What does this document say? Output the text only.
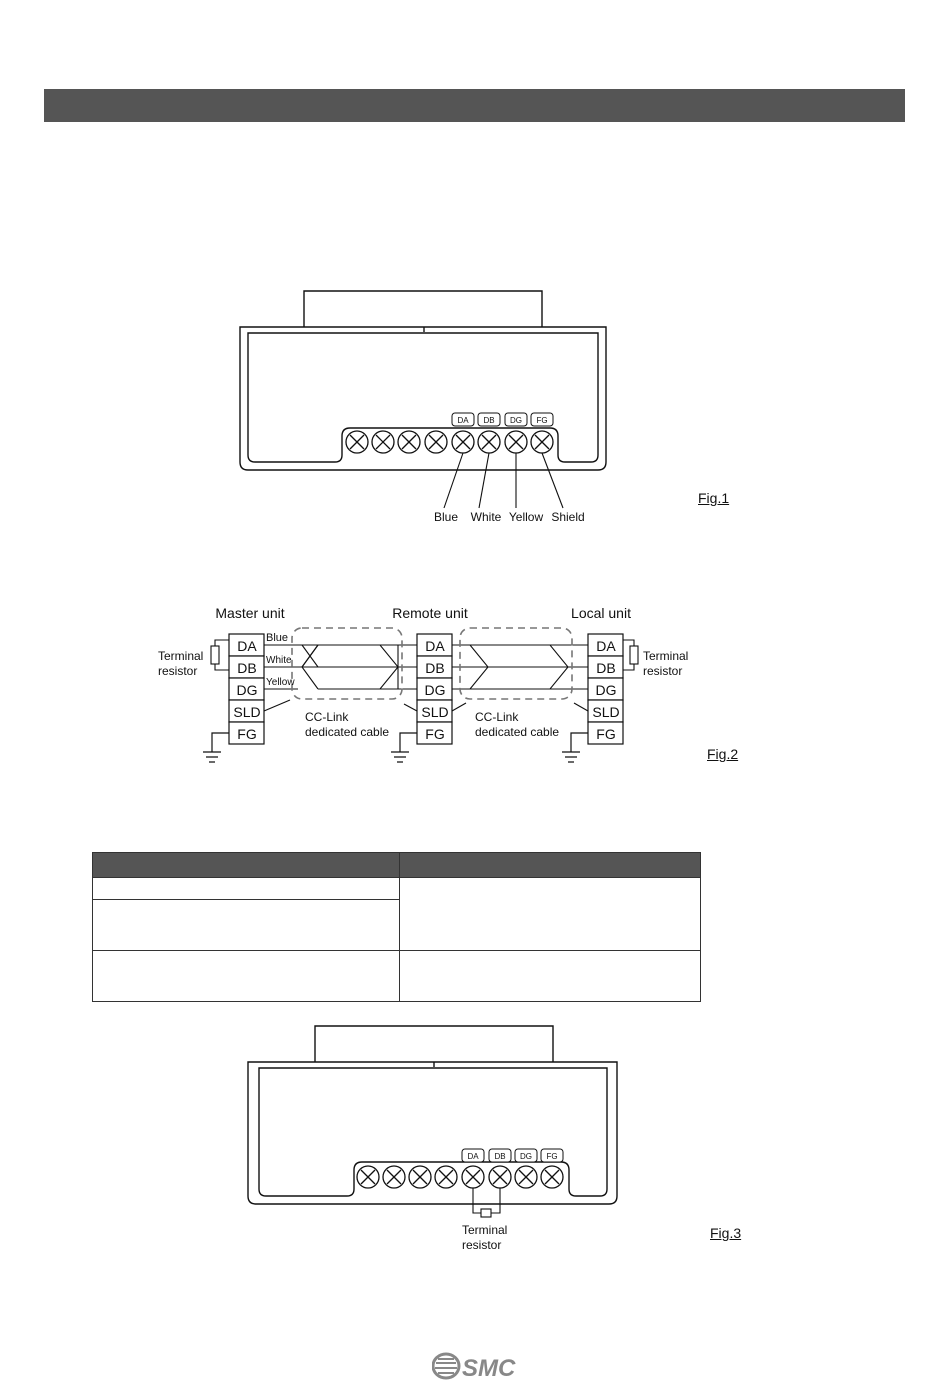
DA DB DG FG
Blue White Yellow Shield
Master unit	Remote unit	Local unit
DA
DB
DG
SLD
FG
DA
DB
DG
SLD
FG
DA
DB
DG
SLD
FG
CC-Link
dedicated cable
CC-Link
dedicated cable
Blue
White
Yellow
Terminal
resistor
Terminal
resistor
DA DB DG FG
Terminal
resistor
Fig.1
Fig.2
Fig.3

SMC
